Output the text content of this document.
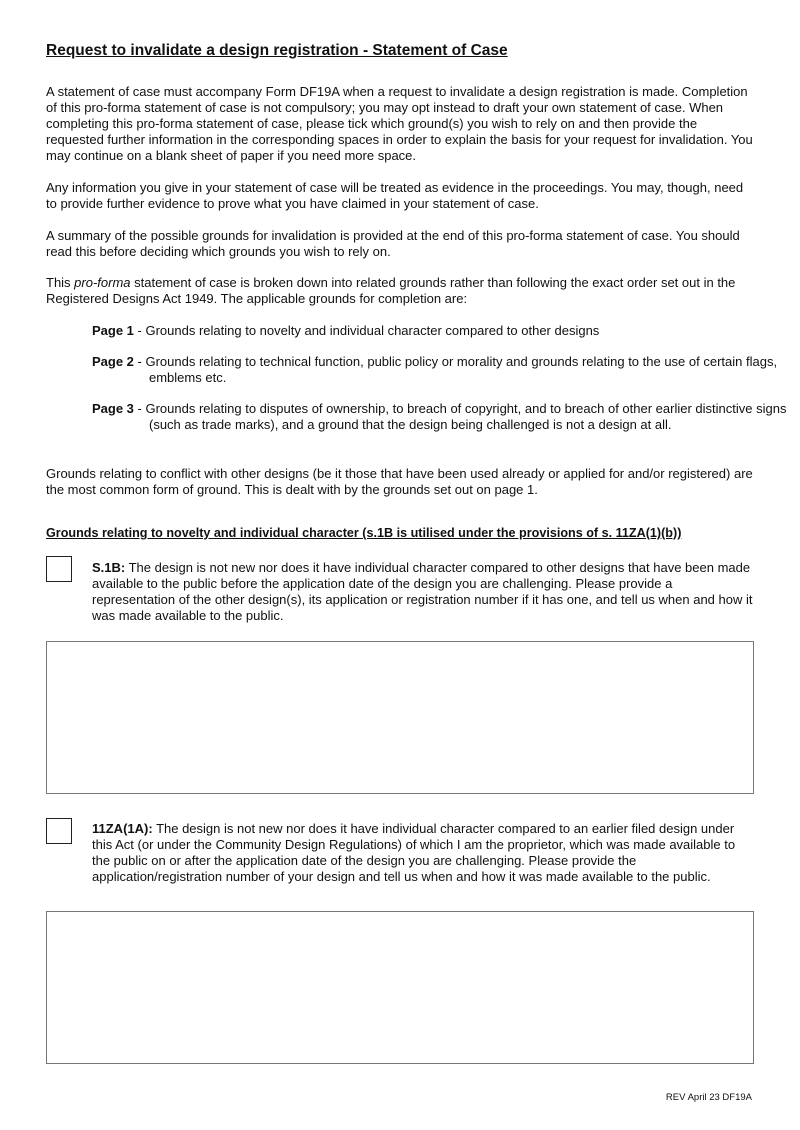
Request to invalidate a design registration - Statement of Case

A statement of case must accompany Form DF19A when a request to invalidate a design registration is made. Completion of this pro-forma statement of case is not compulsory; you may opt instead to draft your own statement of case. When completing this pro-forma statement of case, please tick which ground(s) you wish to rely on and then provide the requested further information in the corresponding spaces in order to explain the basis for your request for invalidation. You may continue on a blank sheet of paper if you need more space.

Any information you give in your statement of case will be treated as evidence in the proceedings. You may, though, need to provide further evidence to prove what you have claimed in your statement of case.

A summary of the possible grounds for invalidation is provided at the end of this pro-forma statement of case. You should read this before deciding which grounds you wish to rely on.

This pro-forma statement of case is broken down into related grounds rather than following the exact order set out in the Registered Designs Act 1949. The applicable grounds for completion are:

Page 1 - Grounds relating to novelty and individual character compared to other designs
Page 2 - Grounds relating to technical function, public policy or morality and grounds relating to the use of certain flags, emblems etc.
Page 3 - Grounds relating to disputes of ownership, to breach of copyright, and to breach of other earlier distinctive signs (such as trade marks), and a ground that the design being challenged is not a design at all.

Grounds relating to conflict with other designs (be it those that have been used already or applied for and/or registered) are the most common form of ground. This is dealt with by the grounds set out on page 1.

Grounds relating to novelty and individual character (s.1B is utilised under the provisions of s. 11ZA(1)(b))

S.1B: The design is not new nor does it have individual character compared to other designs that have been made available to the public before the application date of the design you are challenging. Please provide a representation of the other design(s), its application or registration number if it has one, and tell us when and how it was made available to the public.

11ZA(1A): The design is not new nor does it have individual character compared to an earlier filed design under this Act (or under the Community Design Regulations) of which I am the proprietor, which was made available to the public on or after the application date of the design you are challenging. Please provide the application/registration number of your design and tell us when and how it was made available to the public.

REV April 23 DF19A
